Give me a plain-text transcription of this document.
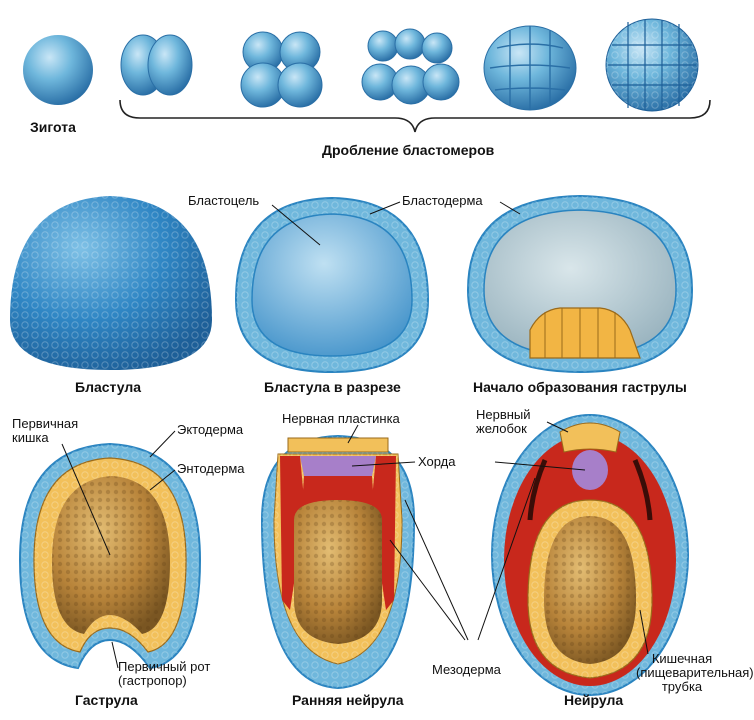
Зигота
Дробление бластомеров
Бластоцель	Бластодерма
Бластула	Бластула в разрезе	Начало образования гаструлы
Первичная кишка
Эктодерма
Энтодерма
Нервная пластинка	Нервный желобок
Хорда
Первичный рот (гастропор)
Мезодерма
Кишечная (пищеварительная) трубка
Гаструла	Ранняя нейрула	Нейрула
